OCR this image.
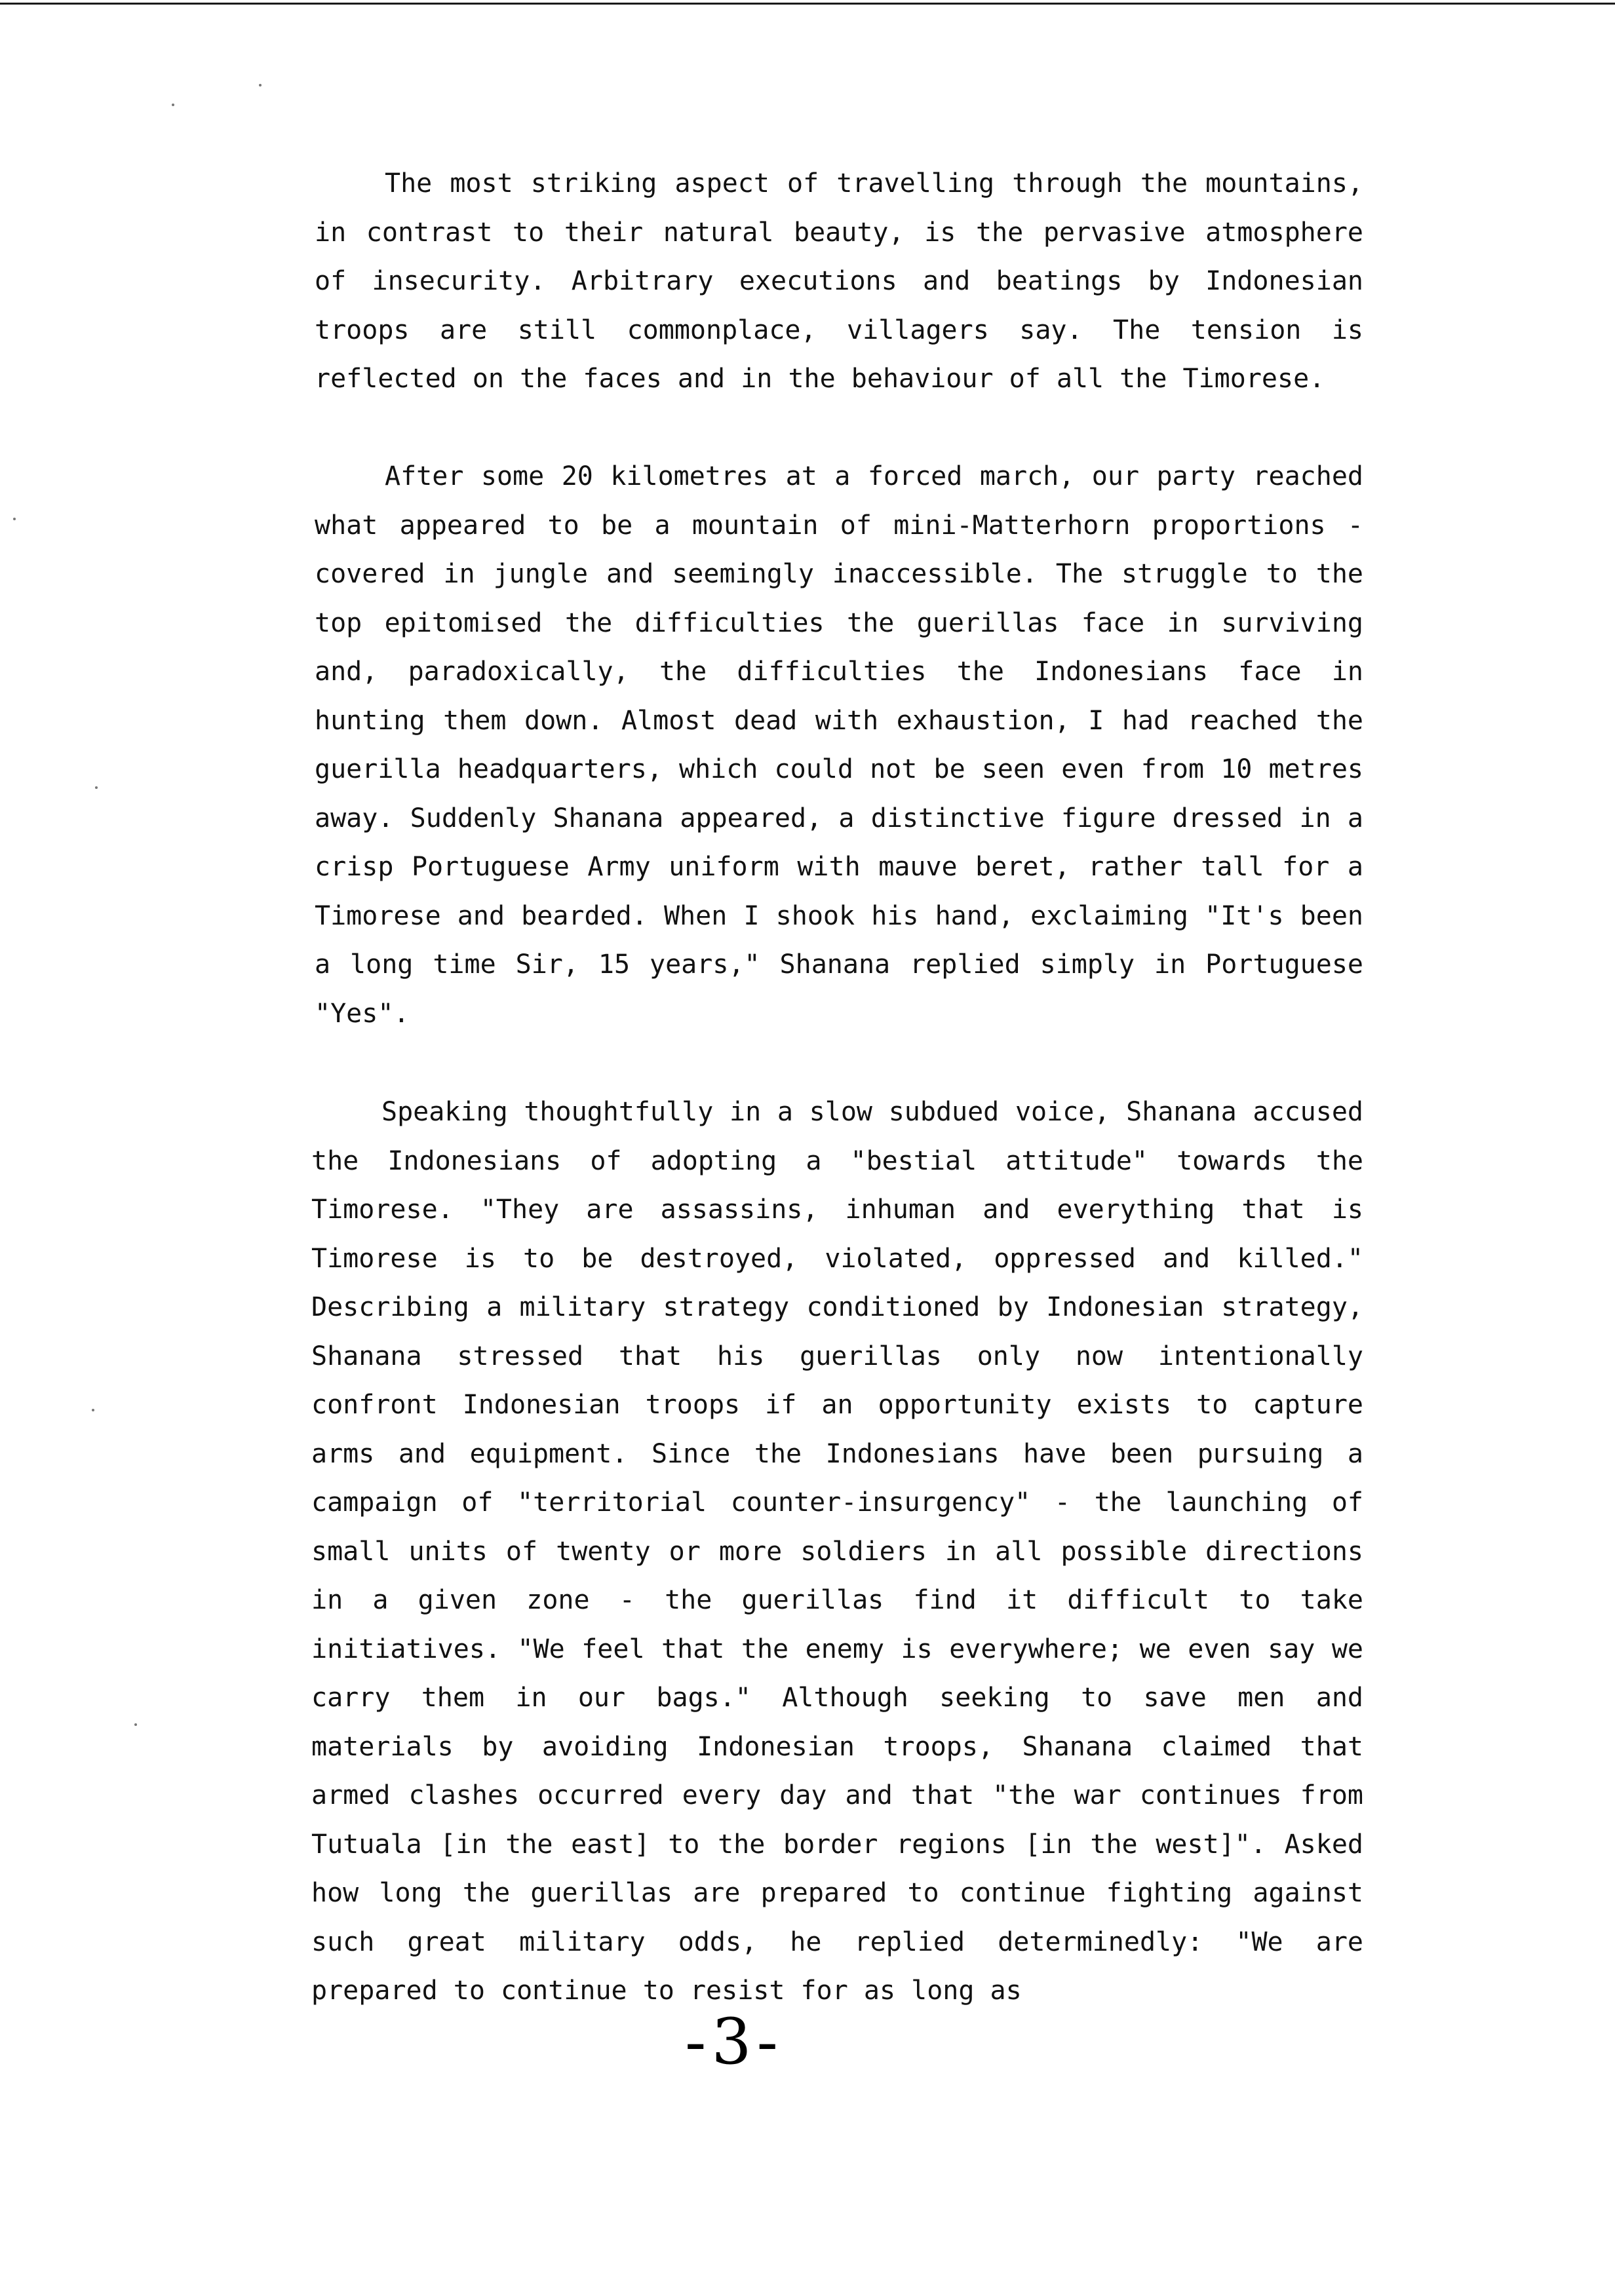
The most striking aspect of travelling through the mountains, in contrast to their natural beauty, is the pervasive atmosphere of insecurity. Arbitrary executions and beatings by Indonesian troops are still commonplace, villagers say. The tension is reflected on the faces and in the behaviour of all the Timorese.

After some 20 kilometres at a forced march, our party reached what appeared to be a mountain of mini-Matterhorn proportions - covered in jungle and seemingly inaccessible. The struggle to the top epitomised the difficulties the guerillas face in surviving and, paradoxically, the difficulties the Indonesians face in hunting them down. Almost dead with exhaustion, I had reached the guerilla headquarters, which could not be seen even from 10 metres away. Suddenly Shanana appeared, a distinctive figure dressed in a crisp Portuguese Army uniform with mauve beret, rather tall for a Timorese and bearded. When I shook his hand, exclaiming "It's been a long time Sir, 15 years," Shanana replied simply in Portuguese "Yes".

Speaking thoughtfully in a slow subdued voice, Shanana accused the Indonesians of adopting a "bestial attitude" towards the Timorese. "They are assassins, inhuman and everything that is Timorese is to be destroyed, violated, oppressed and killed." Describing a military strategy conditioned by Indonesian strategy, Shanana stressed that his guerillas only now intentionally confront Indonesian troops if an opportunity exists to capture arms and equipment. Since the Indonesians have been pursuing a campaign of "territorial counter-insurgency" - the launching of small units of twenty or more soldiers in all possible directions in a given zone - the guerillas find it difficult to take initiatives. "We feel that the enemy is everywhere; we even say we carry them in our bags." Although seeking to save men and materials by avoiding Indonesian troops, Shanana claimed that armed clashes occurred every day and that "the war continues from Tutuala [in the east] to the border regions [in the west]". Asked how long the guerillas are prepared to continue fighting against such great military odds, he replied determinedly: "We are prepared to continue to resist for as long as

-3-
